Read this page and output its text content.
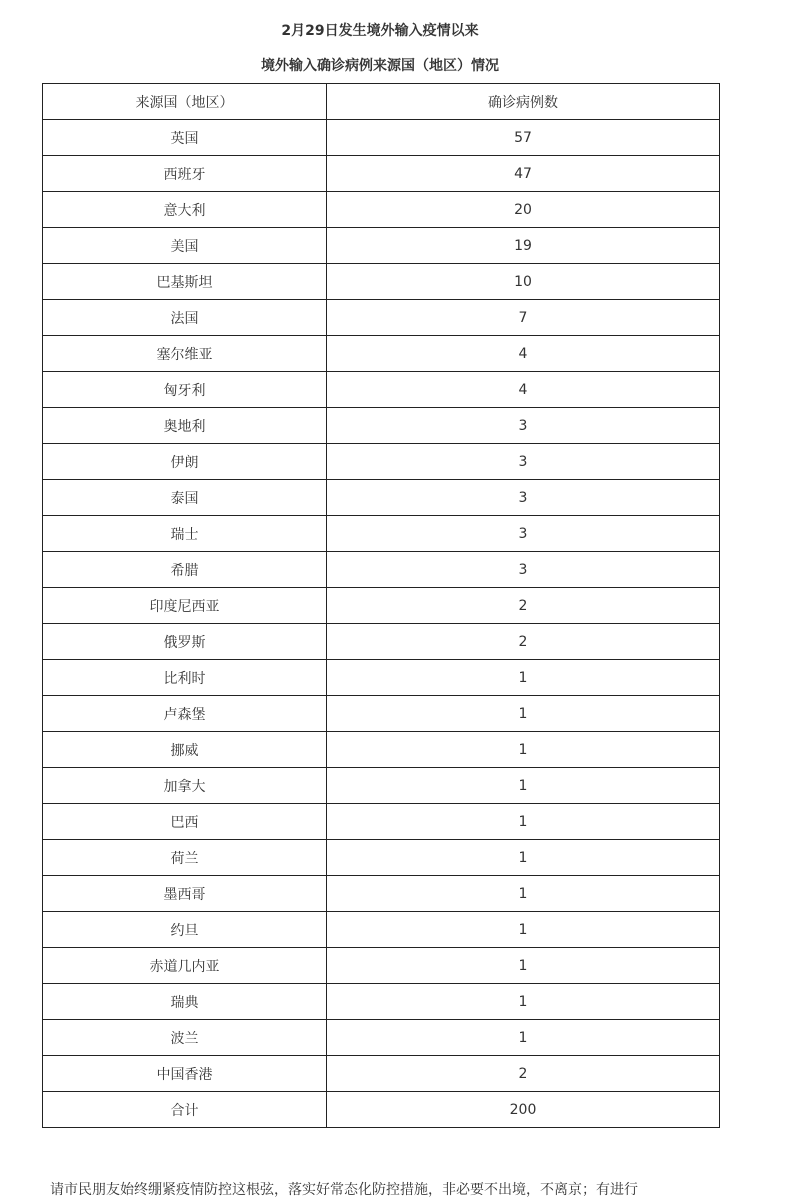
2月29日发生境外输入疫情以来
境外输入确诊病例来源国（地区）情况
来源国（地区）	确诊病例数
英国	57
西班牙	47
意大利	20
美国	19
巴基斯坦	10
法国	7
塞尔维亚	4
匈牙利	4
奥地利	3
伊朗	3
泰国	3
瑞士	3
希腊	3
印度尼西亚	2
俄罗斯	2
比利时	1
卢森堡	1
挪威	1
加拿大	1
巴西	1
荷兰	1
墨西哥	1
约旦	1
赤道几内亚	1
瑞典	1
波兰	1
中国香港	2
合计	200
请市民朋友始终绷紧疫情防控这根弦，落实好常态化防控措施，非必要不出境，不离京；有进行
